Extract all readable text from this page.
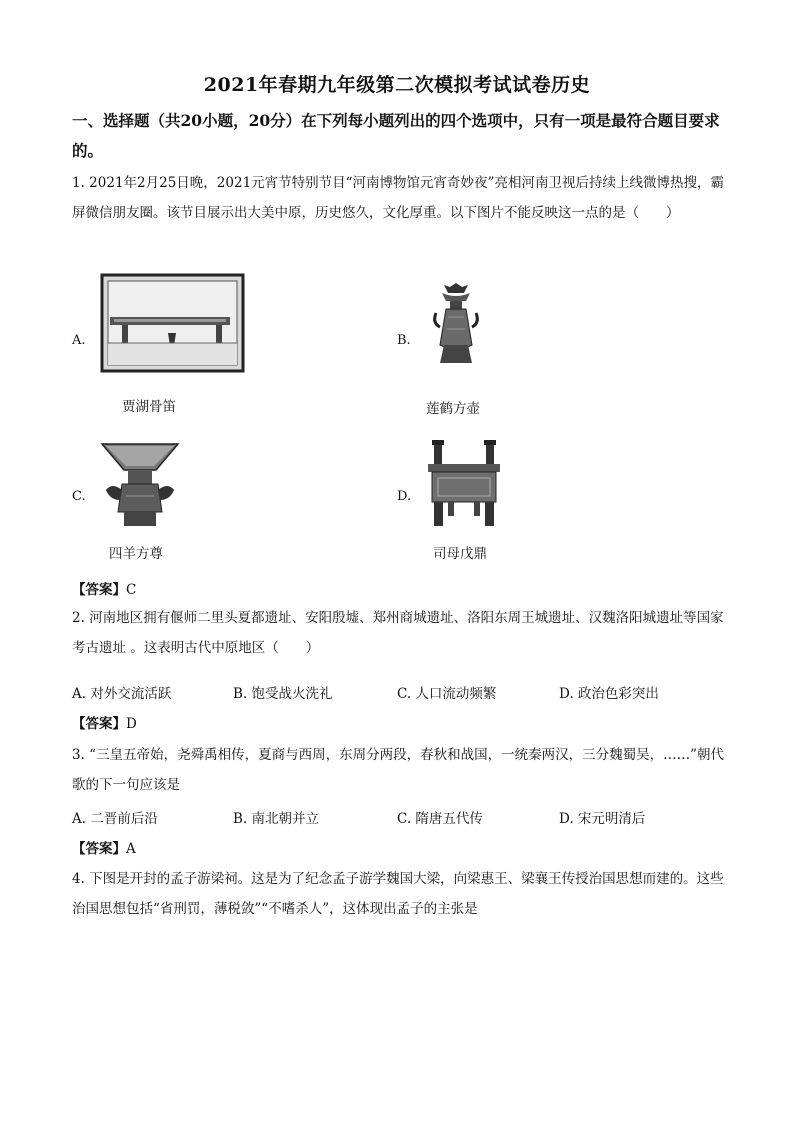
2021年春期九年级第二次模拟考试试卷历史
一、选择题（共20小题，20分）在下列每小题列出的四个选项中，只有一项是最符合题目要求的。
1. 2021年2月25日晚，2021元宵节特别节目“河南博物馆元宵奇妙夜”亮相河南卫视后持续上线微博热搜，霸屏微信朋友圈。该节目展示出大美中原，历史悠久，文化厚重。以下图片不能反映这一点的是（　　）
A.
贾湖骨笛
B.
莲鹤方壶
C.
四羊方尊
D.
司母戊鼎
【答案】C
2. 河南地区拥有偃师二里头夏都遗址、安阳殷墟、郑州商城遗址、洛阳东周王城遗址、汉魏洛阳城遗址等国家考古遗址 。这表明古代中原地区（　　）
A. 对外交流活跃	B. 饱受战火洗礼	C. 人口流动频繁	D. 政治色彩突出
【答案】D
3. “三皇五帝始，尧舜禹相传，夏商与西周，东周分两段，春秋和战国，一统秦两汉，三分魏蜀吴，……”朝代歌的下一句应该是
A. 二晋前后沿	B. 南北朝并立	C. 隋唐五代传	D. 宋元明清后
【答案】A
4. 下图是开封的孟子游梁祠。这是为了纪念孟子游学魏国大梁，向梁惠王、梁襄王传授治国思想而建的。这些治国思想包括“省刑罚，薄税敛”“不嗜杀人”，这体现出孟子的主张是
